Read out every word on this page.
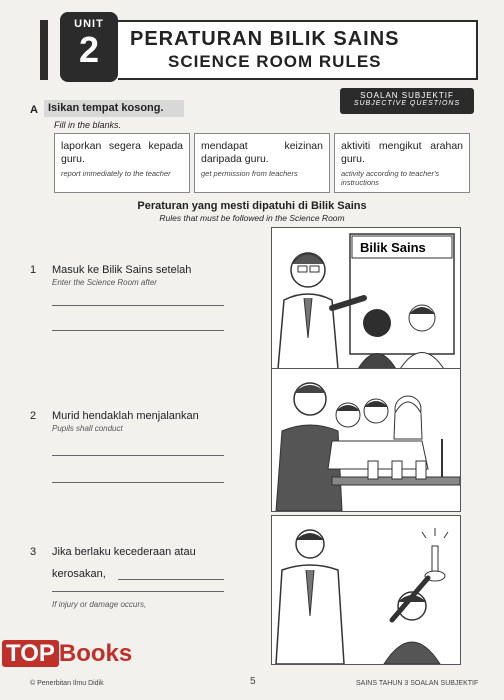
UNIT
2	PERATURAN BILIK SAINS
SCIENCE ROOM RULES
SOALAN SUBJEKTIF
SUBJECTIVE QUESTIONS
A Isikan tempat kosong.
Fill in the blanks.
laporkan segera kepada guru.
report immediately to the teacher
mendapat keizinan daripada guru.
get permission from teachers
aktiviti mengikut arahan guru.
activity according to teacher's instructions
Peraturan yang mesti dipatuhi di Bilik Sains
Rules that must be followed in the Science Room
1 Masuk ke Bilik Sains setelah
Enter the Science Room after
2 Murid hendaklah menjalankan
Pupils shall conduct
3 Jika berlaku kecederaan atau
kerosakan,
If injury or damage occurs,
Bilik Sains
TOP Books
© Penerbitan Ilmu Didik	5	SAINS TAHUN 3 SOALAN SUBJEKTIF
